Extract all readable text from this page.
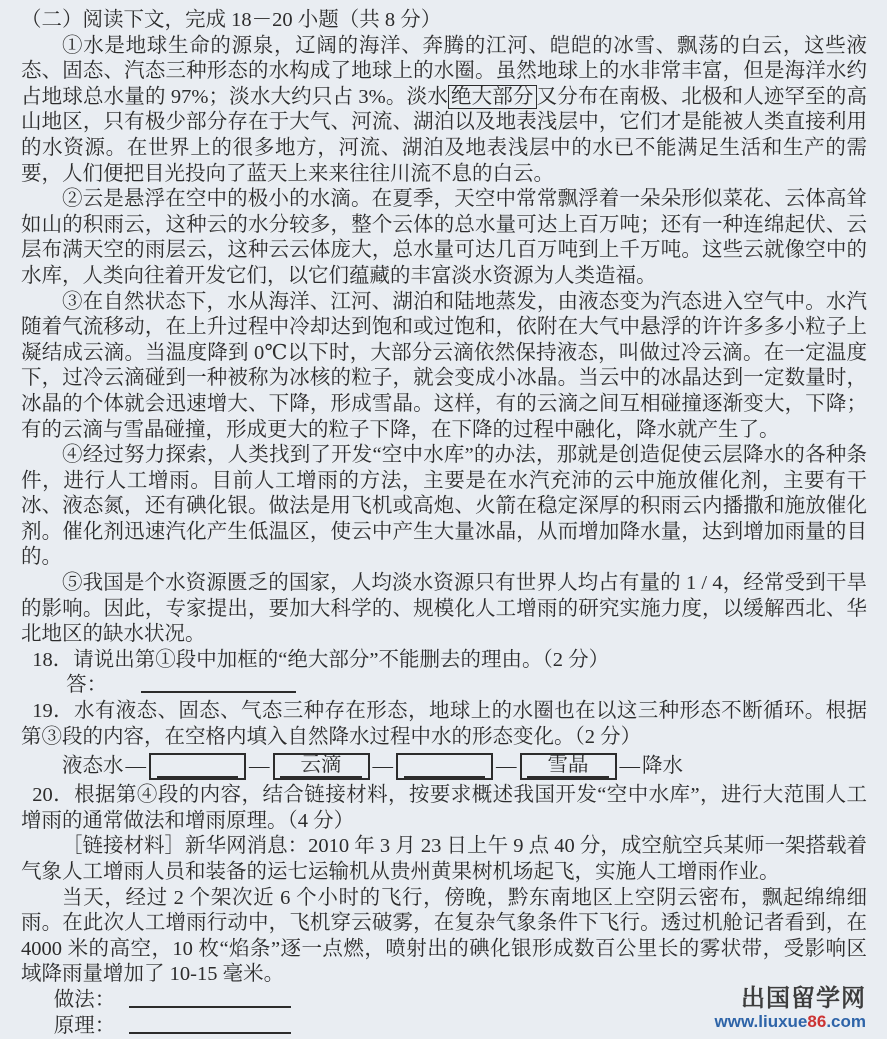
（二）阅读下文，完成 18－20 小题（共 8 分）

①水是地球生命的源泉，辽阔的海洋、奔腾的江河、皑皑的冰雪、飘荡的白云，这些液态、固态、汽态三种形态的水构成了地球上的水圈。虽然地球上的水非常丰富，但是海洋水约占地球总水量的 97%；淡水大约只占 3%。淡水 绝大部分 又分布在南极、北极和人迹罕至的高山地区，只有极少部分存在于大气、河流、湖泊以及地表浅层中，它们才是能被人类直接利用的水资源。在世界上的很多地方，河流、湖泊及地表浅层中的水已不能满足生活和生产的需要，人们便把目光投向了蓝天上来来往往川流不息的白云。

②云是悬浮在空中的极小的水滴。在夏季，天空中常常飘浮着一朵朵形似菜花、云体高耸如山的积雨云，这种云的水分较多，整个云体的总水量可达上百万吨；还有一种连绵起伏、云层布满天空的雨层云，这种云云体庞大，总水量可达几百万吨到上千万吨。这些云就像空中的水库，人类向往着开发它们，以它们蕴藏的丰富淡水资源为人类造福。

③在自然状态下，水从海洋、江河、湖泊和陆地蒸发，由液态变为汽态进入空气中。水汽随着气流移动，在上升过程中冷却达到饱和或过饱和，依附在大气中悬浮的许许多多小粒子上凝结成云滴。当温度降到 0℃以下时，大部分云滴依然保持液态，叫做过冷云滴。在一定温度下，过冷云滴碰到一种被称为冰核的粒子，就会变成小冰晶。当云中的冰晶达到一定数量时，冰晶的个体就会迅速增大、下降，形成雪晶。这样，有的云滴之间互相碰撞逐渐变大，下降；有的云滴与雪晶碰撞，形成更大的粒子下降，在下降的过程中融化，降水就产生了。

④经过努力探索，人类找到了开发“空中水库”的办法，那就是创造促使云层降水的各种条件，进行人工增雨。目前人工增雨的方法，主要是在水汽充沛的云中施放催化剂，主要有干冰、液态氮，还有碘化银。做法是用飞机或高炮、火箭在稳定深厚的积雨云内播撒和施放催化剂。催化剂迅速汽化产生低温区，使云中产生大量冰晶，从而增加降水量，达到增加雨量的目的。

⑤我国是个水资源匮乏的国家，人均淡水资源只有世界人均占有量的 1 / 4，经常受到干旱的影响。因此，专家提出，要加大科学的、规模化人工增雨的研究实施力度，以缓解西北、华北地区的缺水状况。

18．请说出第①段中加框的“绝大部分”不能删去的理由。（2 分）

答：

19．水有液态、固态、气态三种存在形态，地球上的水圈也在以这三种形态不断循环。根据第③段的内容，在空格内填入自然降水过程中水的形态变化。（2 分）

液态水 —	—	云滴	—	—	雪晶	— 降水

20．根据第④段的内容，结合链接材料，按要求概述我国开发“空中水库”，进行大范围人工增雨的通常做法和增雨原理。（4 分）

［链接材料］新华网消息：2010 年 3 月 23 日上午 9 点 40 分，成空航空兵某师一架搭载着气象人工增雨人员和装备的运七运输机从贵州黄果树机场起飞，实施人工增雨作业。

当天，经过 2 个架次近 6 个小时的飞行，傍晚，黔东南地区上空阴云密布，飘起绵绵细雨。在此次人工增雨行动中，飞机穿云破雾，在复杂气象条件下飞行。透过机舱记者看到，在 4000 米的高空，10 枚“焰条”逐一点燃，喷射出的碘化银形成数百公里长的雾状带，受影响区域降雨量增加了 10-15 毫米。

做法：

原理：

出国留学网
www.liuxue86.com
